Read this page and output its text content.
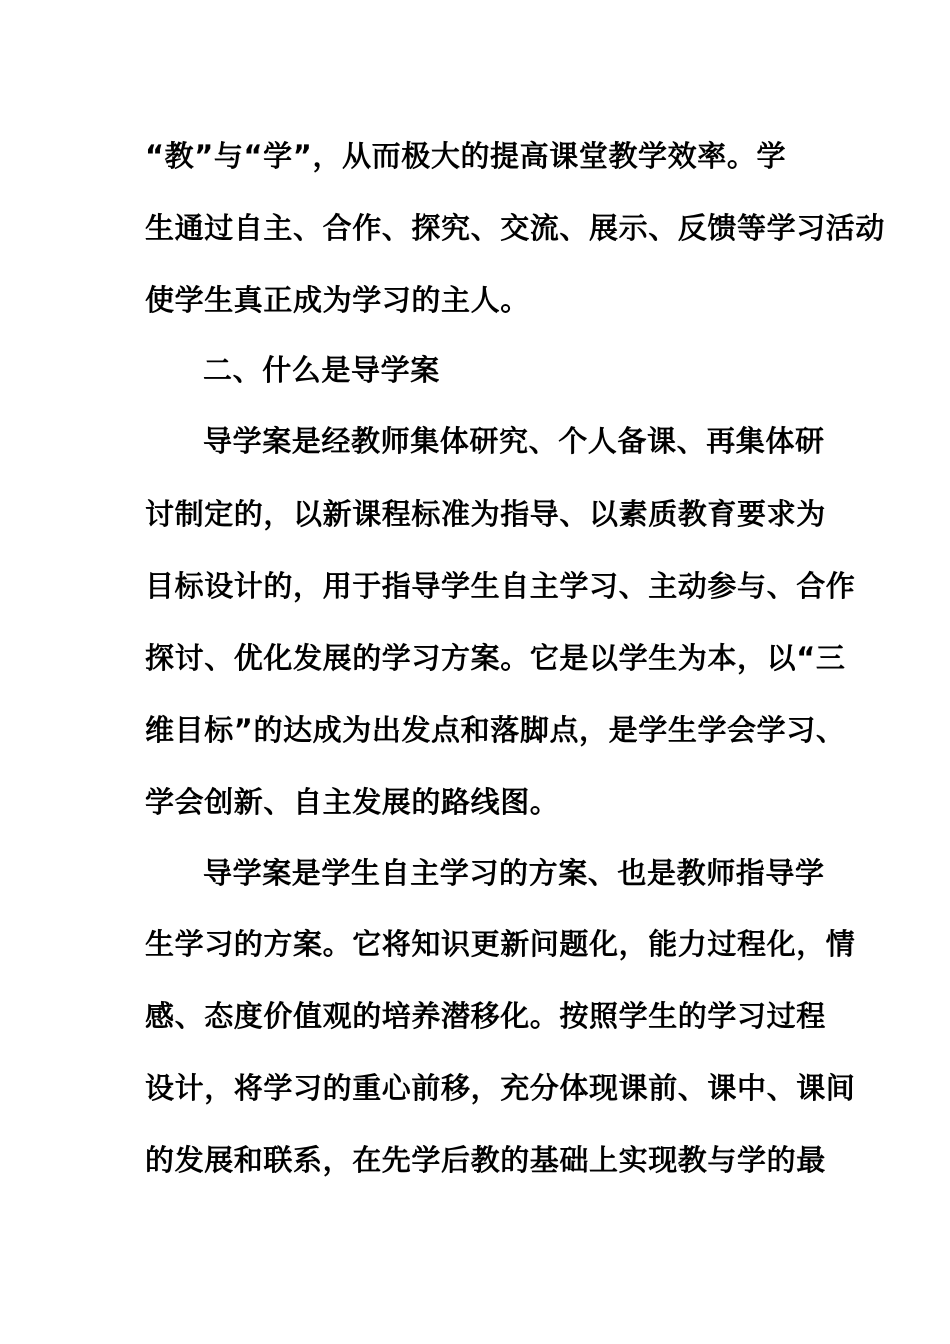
“教”与“学”，从而极大的提高课堂教学效率。学
生通过自主、合作、探究、交流、展示、反馈等学习活动
使学生真正成为学习的主人。
二、什么是导学案
导学案是经教师集体研究、个人备课、再集体研
讨制定的，以新课程标准为指导、以素质教育要求为
目标设计的，用于指导学生自主学习、主动参与、合作
探讨、优化发展的学习方案。它是以学生为本，以“三
维目标”的达成为出发点和落脚点，是学生学会学习、
学会创新、自主发展的路线图。
导学案是学生自主学习的方案、也是教师指导学
生学习的方案。它将知识更新问题化，能力过程化，情
感、态度价值观的培养潜移化。按照学生的学习过程
设计，将学习的重心前移，充分体现课前、课中、课间
的发展和联系，在先学后教的基础上实现教与学的最
